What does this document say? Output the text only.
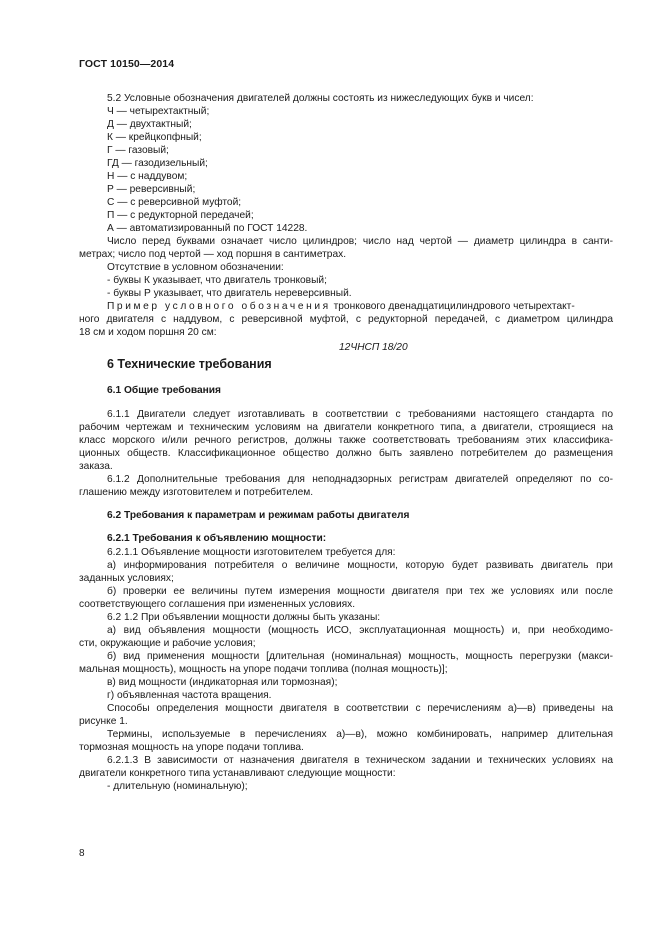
ГОСТ 10150—2014
5.2 Условные обозначения двигателей должны состоять из нижеследующих букв и чисел:
Ч — четырехтактный;
Д — двухтактный;
К — крейцкопфный;
Г — газовый;
ГД — газодизельный;
Н — с наддувом;
Р — реверсивный;
С — с реверсивной муфтой;
П — с редукторной передачей;
А — автоматизированный по ГОСТ 14228.
Число перед буквами означает число цилиндров; число над чертой — диаметр цилиндра в санти-
метрах; число под чертой — ход поршня в сантиметрах.
Отсутствие в условном обозначении:
- буквы К указывает, что двигатель тронковый;
- буквы Р указывает, что двигатель нереверсивный.
Пример условного обозначения тронкового двенадцатицилиндрового четырехтакт-
ного двигателя с наддувом, с реверсивной муфтой, с редукторной передачей, с диаметром цилиндра
18 см и ходом поршня 20 см:
12ЧНСП 18/20
6 Технические требования
6.1 Общие требования
6.1.1 Двигатели следует изготавливать в соответствии с требованиями настоящего стандарта по
рабочим чертежам и техническим условиям на двигатели конкретного типа, а двигатели, строящиеся на
класс морского и/или речного регистров, должны также соответствовать требованиям этих классифика-
ционных обществ. Классификационное общество должно быть заявлено потребителем до размещения
заказа.
6.1.2 Дополнительные требования для неподнадзорных регистрам двигателей определяют по со-
глашению между изготовителем и потребителем.
6.2 Требования к параметрам и режимам работы двигателя
6.2.1 Требования к объявлению мощности:
6.2.1.1 Объявление мощности изготовителем требуется для:
а) информирования потребителя о величине мощности, которую будет развивать двигатель при
заданных условиях;
б) проверки ее величины путем измерения мощности двигателя при тех же условиях или после
соответствующего соглашения при измененных условиях.
6.2 1.2 При объявлении мощности должны быть указаны:
а) вид объявления мощности (мощность ИСО, эксплуатационная мощность) и, при необходимо-
сти, окружающие и рабочие условия;
б) вид применения мощности [длительная (номинальная) мощность, мощность перегрузки (макси-
мальная мощность), мощность на упоре подачи топлива (полная мощность)];
в) вид мощности (индикаторная или тормозная);
г) объявленная частота вращения.
Способы определения мощности двигателя в соответствии с перечислениям а)—в) приведены на
рисунке 1.
Термины, используемые в перечислениях а)—в), можно комбинировать, например длительная
тормозная мощность на упоре подачи топлива.
6.2.1.3 В зависимости от назначения двигателя в техническом задании и технических условиях на
двигатели конкретного типа устанавливают следующие мощности:
- длительную (номинальную);
8
